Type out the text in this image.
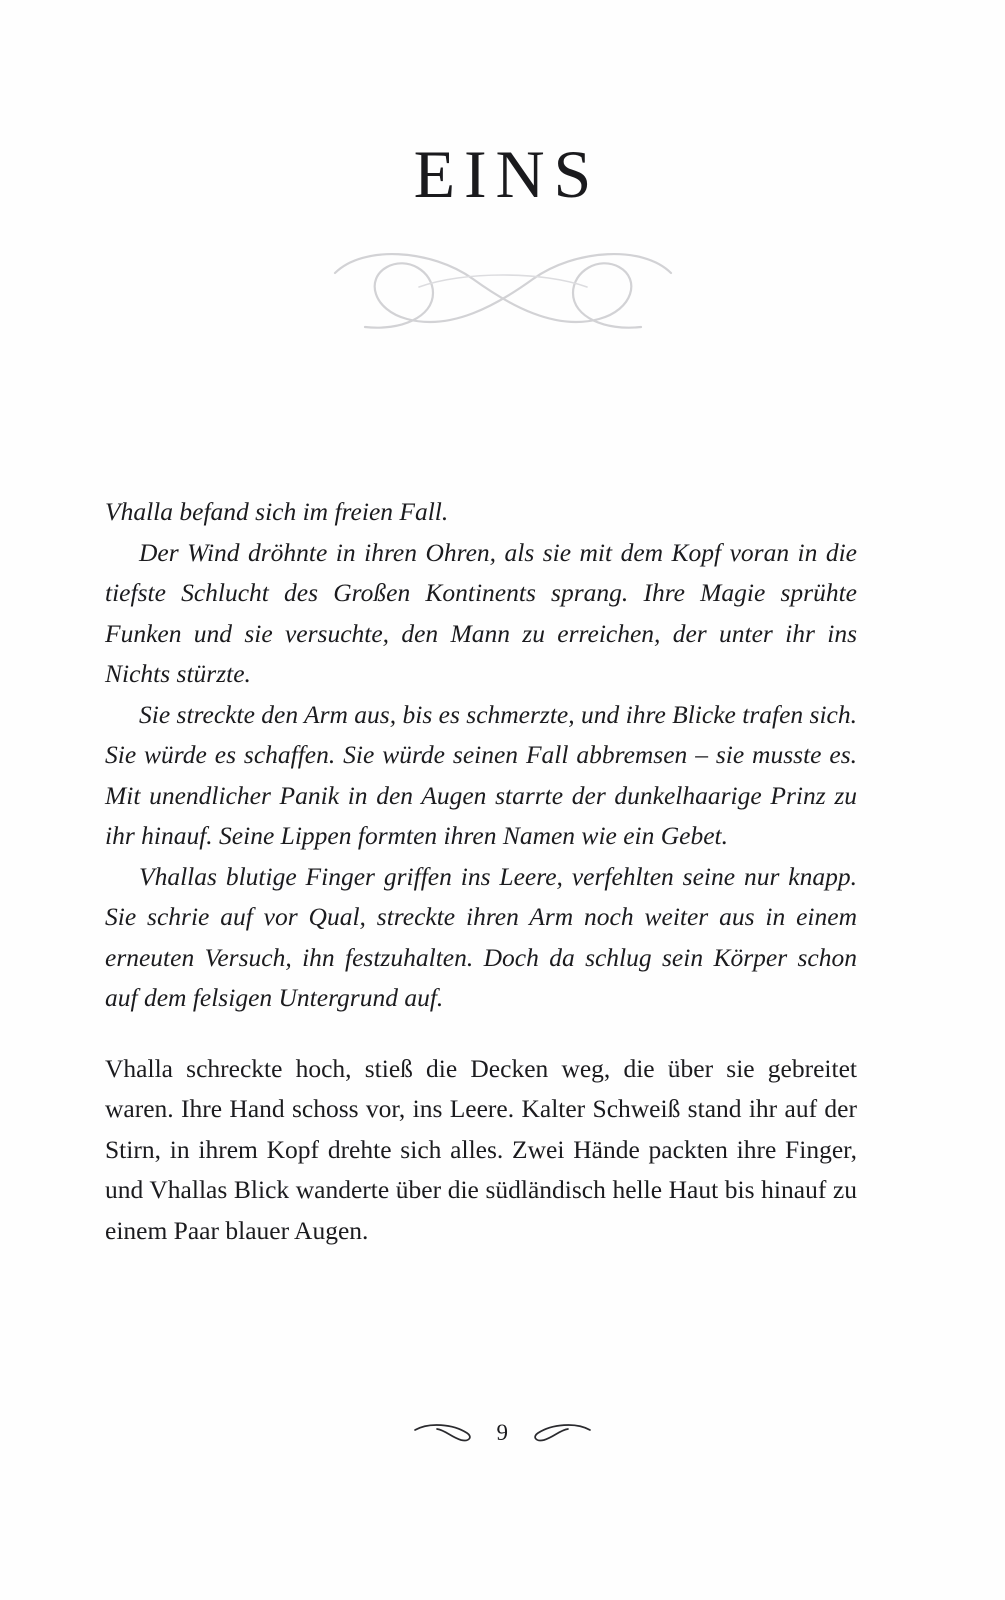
EINS

Vhalla befand sich im freien Fall.

Der Wind dröhnte in ihren Ohren, als sie mit dem Kopf voran in die tiefste Schlucht des Großen Kontinents sprang. Ihre Magie sprühte Funken und sie versuchte, den Mann zu erreichen, der unter ihr ins Nichts stürzte.

Sie streckte den Arm aus, bis es schmerzte, und ihre Blicke trafen sich. Sie würde es schaffen. Sie würde seinen Fall abbremsen – sie musste es. Mit unendlicher Panik in den Augen starrte der dunkelhaarige Prinz zu ihr hinauf. Seine Lippen formten ihren Namen wie ein Gebet.

Vhallas blutige Finger griffen ins Leere, verfehlten seine nur knapp. Sie schrie auf vor Qual, streckte ihren Arm noch weiter aus in einem erneuten Versuch, ihn festzuhalten. Doch da schlug sein Körper schon auf dem felsigen Untergrund auf.

Vhalla schreckte hoch, stieß die Decken weg, die über sie gebreitet waren. Ihre Hand schoss vor, ins Leere. Kalter Schweiß stand ihr auf der Stirn, in ihrem Kopf drehte sich alles. Zwei Hände packten ihre Finger, und Vhallas Blick wanderte über die südländisch helle Haut bis hinauf zu einem Paar blauer Augen.

9
